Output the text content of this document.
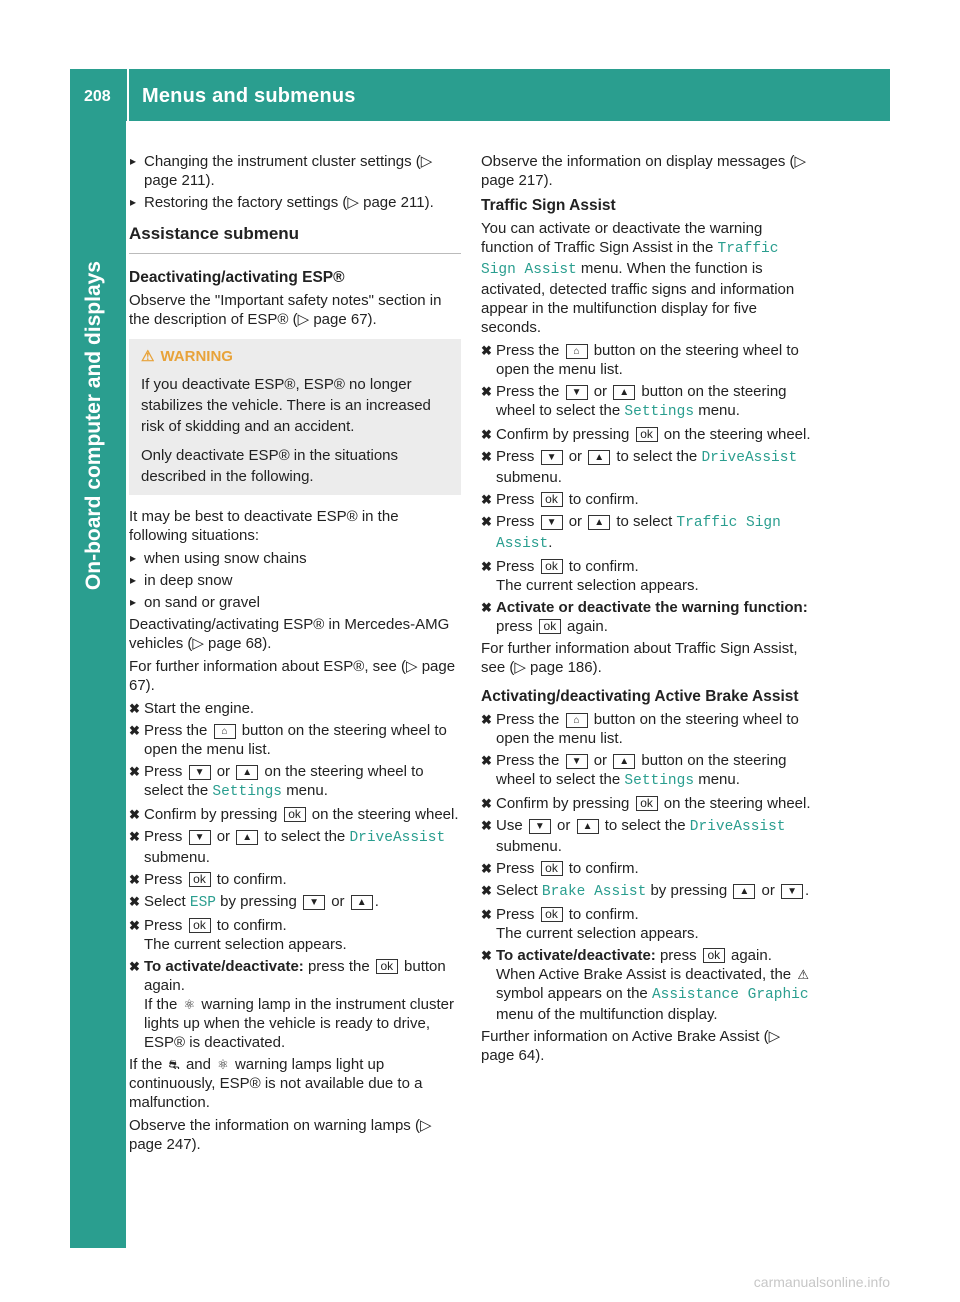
208 Menus and submenus
On-board computer and displays
▸ Changing the instrument cluster settings (▷ page 211).
▸ Restoring the factory settings (▷ page 211).
Assistance submenu
Deactivating/activating ESP®

Observe the "Important safety notes" section in the description of ESP® (▷ page 67).

⚠ WARNING

If you deactivate ESP®, ESP® no longer stabilizes the vehicle. There is an increased risk of skidding and an accident.

Only deactivate ESP® in the situations described in the following.

It may be best to deactivate ESP® in the following situations:

▸ when using snow chains
▸ in deep snow
▸ on sand or gravel

Deactivating/activating ESP® in Mercedes-AMG vehicles (▷ page 68).

For further information about ESP®, see (▷ page 67).

✖ Start the engine.
✖ Press the ⌂ button on the steering wheel to open the menu list.
✖ Press ▼ or ▲ on the steering wheel to select the Settings menu.
✖ Confirm by pressing ok on the steering wheel.
✖ Press ▼ or ▲ to select the DriveAssist submenu.
✖ Press ok to confirm.
✖ Select ESP by pressing ▼ or ▲ .
✖ Press ok to confirm.
The current selection appears.
✖ To activate/deactivate: press the ok button again.
If the ⚛ warning lamp in the instrument cluster lights up when the vehicle is ready to drive, ESP® is deactivated.

If the ⛐ and ⚛ warning lamps light up continuously, ESP® is not available due to a malfunction.

Observe the information on warning lamps (▷ page 247).

Observe the information on display messages (▷ page 217).

Traffic Sign Assist

You can activate or deactivate the warning function of Traffic Sign Assist in the Traffic Sign Assist menu. When the function is activated, detected traffic signs and information appear in the multifunction display for five seconds.

✖ Press the ⌂ button on the steering wheel to open the menu list.
✖ Press the ▼ or ▲ button on the steering wheel to select the Settings menu.
✖ Confirm by pressing ok on the steering wheel.
✖ Press ▼ or ▲ to select the DriveAssist submenu.
✖ Press ok to confirm.
✖ Press ▼ or ▲ to select Traffic Sign Assist.
✖ Press ok to confirm.
The current selection appears.
✖ Activate or deactivate the warning function: press ok again.

For further information about Traffic Sign Assist, see (▷ page 186).

Activating/deactivating Active Brake Assist
✖ Press the ⌂ button on the steering wheel to open the menu list.
✖ Press the ▼ or ▲ button on the steering wheel to select the Settings menu.
✖ Confirm by pressing ok on the steering wheel.
✖ Use ▼ or ▲ to select the DriveAssist submenu.
✖ Press ok to confirm.
✖ Select Brake Assist by pressing ▲ or ▼ .
✖ Press ok to confirm.
The current selection appears.
✖ To activate/deactivate: press ok again.
When Active Brake Assist is deactivated, the ⚠ symbol appears on the Assistance Graphic menu of the multifunction display.

Further information on Active Brake Assist (▷ page 64).

carmanualsonline.info
